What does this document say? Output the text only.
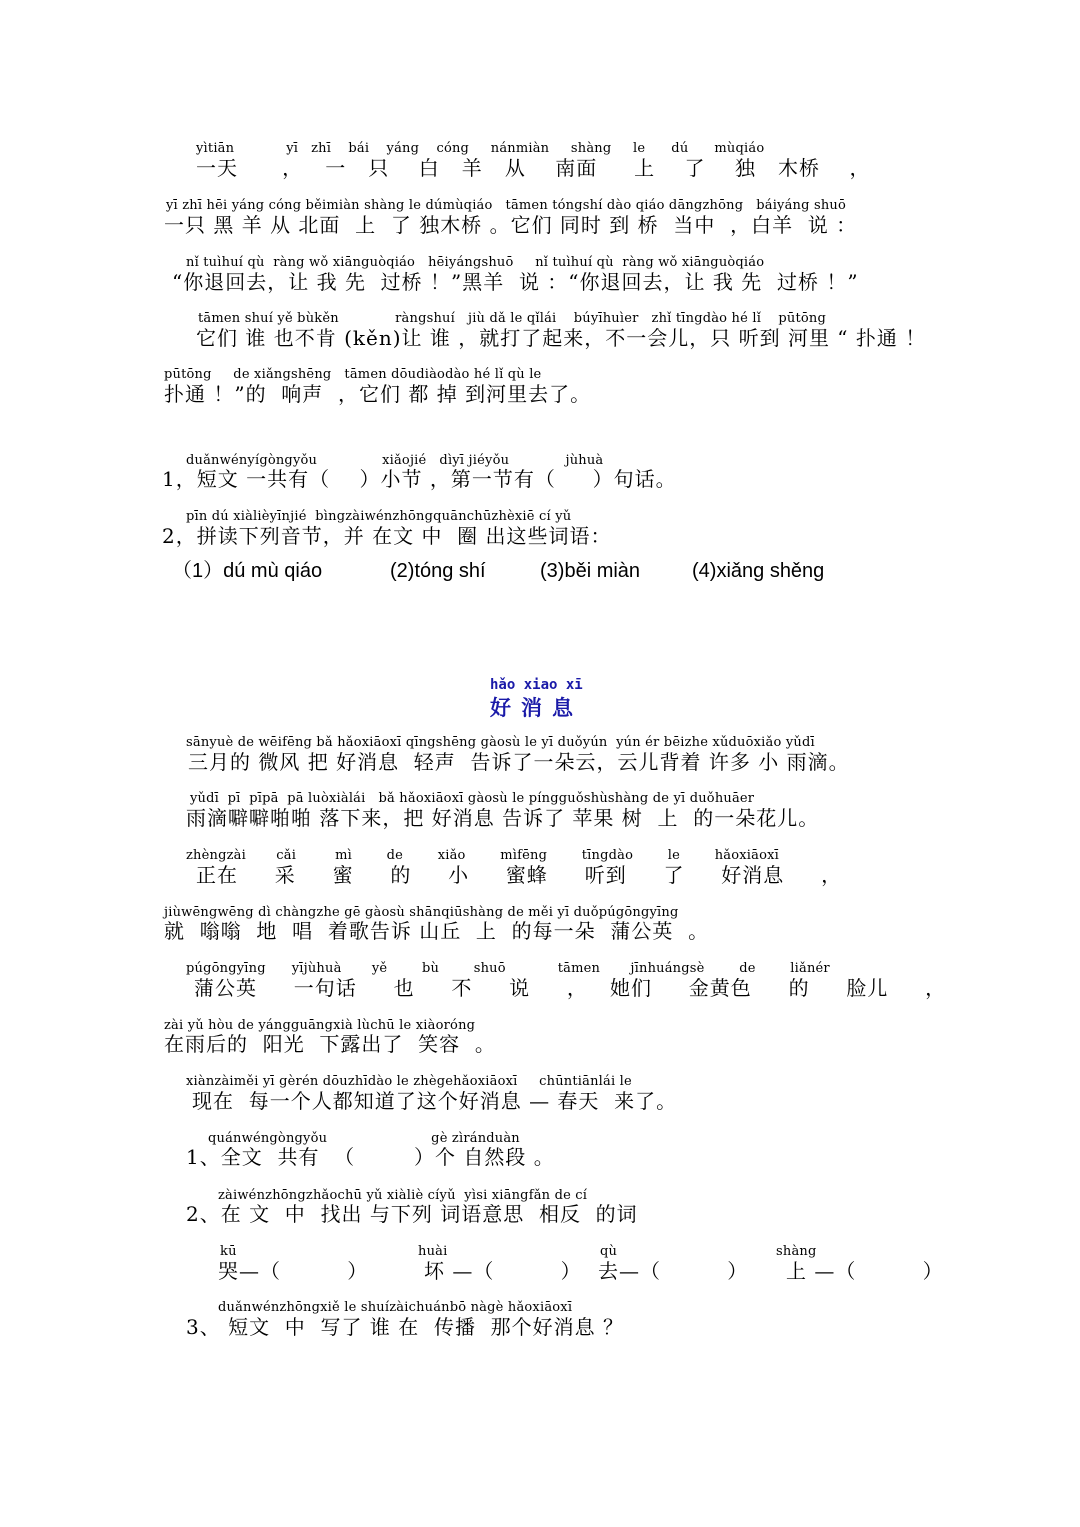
yìtiān            yī   zhī    bái    yáng    cóng     nánmiàn     shàng     le      dú      mùqiáo
一天      ，   一   只    白   羊   从    南面     上    了    独   木桥    ，
yī zhī hēi yáng cóng běimiàn shàng le dúmùqiáo   tāmen tóngshí dào qiáo dāngzhōng   báiyáng shuō
一只 黑 羊 从 北面  上  了 独木桥 。它们 同时 到 桥  当中  ，白羊  说 ：
nǐ tuìhuí qù  ràng wǒ xiānguòqiáo   hēiyángshuō     nǐ tuìhuí qù  ràng wǒ xiānguòqiáo
“你退回去，让 我 先  过桥 ！”黑羊  说 ：“你退回去，让 我 先  过桥 ！”
tāmen shuí yě bùkěn             ràngshuí   jiù dǎ le qǐlái    búyīhuìer   zhǐ tīngdào hé lǐ    pūtōng
它们 谁 也不肯 (kěn)让 谁 ，就打了起来，不一会儿，只 听到 河里 “ 扑通 ！
pūtōng     de xiǎngshēng   tāmen dōudiàodào hé lǐ qù le
扑通 ！”的  响声  ，它们 都 掉 到河里去了。
duǎnwényígòngyǒu               xiǎojié   dìyī jiéyǒu             jùhuà
1，短文 一共有（    ）小节 ，第一节有（     ）句话。
pīn dú xiàlièyīnjié  bìngzàiwénzhōngquānchūzhèxiē cí yǔ
2，拼读下列音节，并 在文 中  圈 出这些词语：
（1）dú mù qiáo	(2)tóng shí	(3)běi miàn	(4)xiǎng shěng
hǎo xiao xī
好消息
sānyuè de wēifēng bǎ hǎoxiāoxī qīngshēng gàosù le yī duǒyún  yún ér bēizhe xǔduōxiǎo yǔdī
三月的 微风 把 好消息  轻声  告诉了一朵云，云儿背着 许多 小 雨滴。
yǔdī  pī  pīpā  pā luòxiàlái   bǎ hǎoxiāoxī gàosù le píngguǒshùshàng de yī duǒhuāer
雨滴噼噼啪啪 落下来，把 好消息 告诉了 苹果 树  上  的一朵花儿。
zhèngzài       cǎi         mì        de        xiǎo        mìfēng        tīngdào        le        hǎoxiāoxī
正在     采     蜜     的     小     蜜蜂     听到     了     好消息     ，
jiùwēngwēng dì chàngzhe gē gàosù shānqiūshàng de měi yī duǒpúgōngyīng
就  嗡嗡  地  唱  着歌告诉 山丘  上  的每一朵  蒲公英  。
púgōngyīng      yījùhuà       yě        bù        shuō            tāmen       jīnhuángsè        de        liǎnér
蒲公英     一句话     也     不     说     ，   她们     金黄色     的     脸儿     ，
zài yǔ hòu de yángguāngxià lùchū le xiàoróng
在雨后的  阳光  下露出了  笑容  。
xiànzàiměi yī gèrén dōuzhīdào le zhègehǎoxiāoxī     chūntiānlái le
现在  每一个人都知道了这个好消息 — 春天  来了。
quánwéngòngyǒu                        gè zìránduàn
1、全文  共有  （        ）个 自然段 。
zàiwénzhōngzhǎochū yǔ xiàliè cíyǔ  yìsi xiāngfǎn de cí
2、在 文  中  找出 与下列 词语意思  相反  的词
kū
哭—（         ）
huài
坏 —（         ）
qù
去—（         ）
shàng
上 —（         ）
duǎnwénzhōngxiě le shuízàichuánbō nàgè hǎoxiāoxī
3、 短文  中  写了 谁 在  传播  那个好消息 ？
